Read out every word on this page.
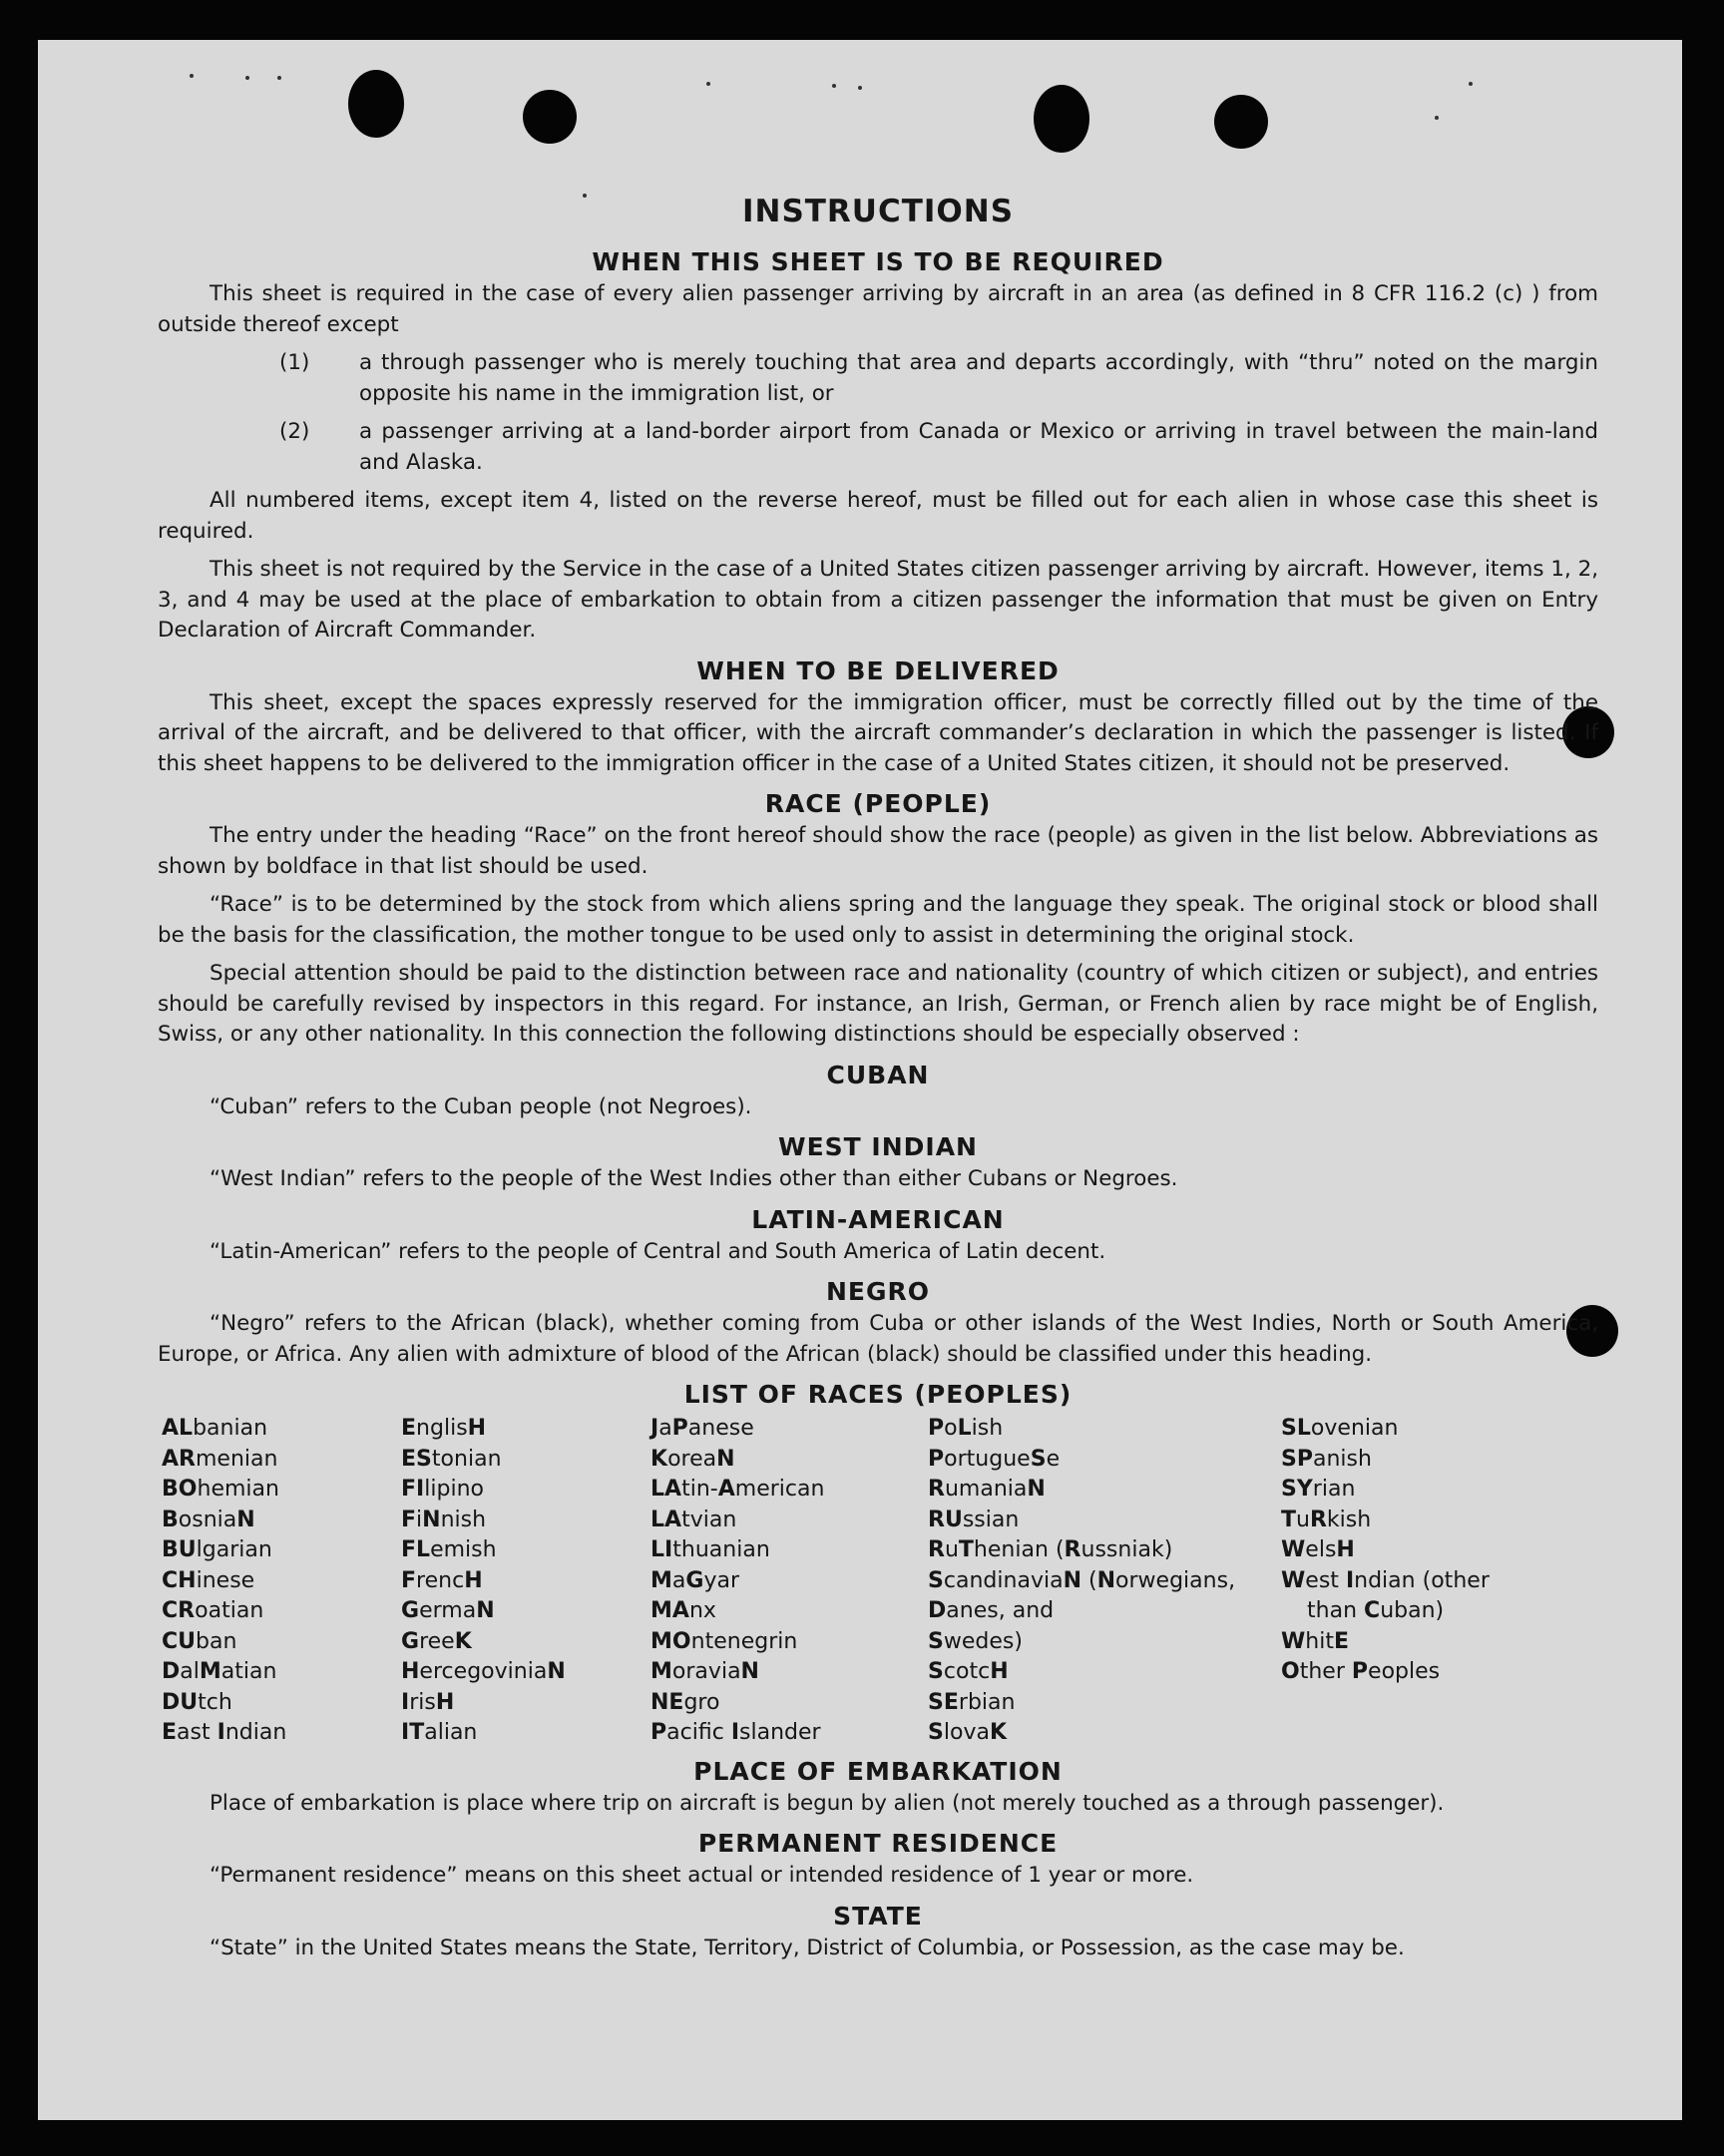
INSTRUCTIONS
WHEN THIS SHEET IS TO BE REQUIRED

This sheet is required in the case of every alien passenger arriving by aircraft in an area (as defined in 8 CFR 116.2 (c) ) from outside thereof except

(1)	a through passenger who is merely touching that area and departs accordingly, with “thru” noted on the margin opposite his name in the immigration list, or
(2)	a passenger arriving at a land-border airport from Canada or Mexico or arriving in travel between the main-land and Alaska.

All numbered items, except item 4, listed on the reverse hereof, must be filled out for each alien in whose case this sheet is required.

This sheet is not required by the Service in the case of a United States citizen passenger arriving by aircraft. However, items 1, 2, 3, and 4 may be used at the place of embarkation to obtain from a citizen passenger the information that must be given on Entry Declaration of Aircraft Commander.

WHEN TO BE DELIVERED

This sheet, except the spaces expressly reserved for the immigration officer, must be correctly filled out by the time of the arrival of the aircraft, and be delivered to that officer, with the aircraft commander’s declaration in which the passenger is listed. If this sheet happens to be delivered to the immigration officer in the case of a United States citizen, it should not be preserved.

RACE (PEOPLE)

The entry under the heading “Race” on the front hereof should show the race (people) as given in the list below. Abbreviations as shown by boldface in that list should be used.

“Race” is to be determined by the stock from which aliens spring and the language they speak. The original stock or blood shall be the basis for the classification, the mother tongue to be used only to assist in determining the original stock.

Special attention should be paid to the distinction between race and nationality (country of which citizen or subject), and entries should be carefully revised by inspectors in this regard. For instance, an Irish, German, or French alien by race might be of English, Swiss, or any other nationality. In this connection the following distinctions should be especially observed :

CUBAN

“Cuban” refers to the Cuban people (not Negroes).

WEST INDIAN

“West Indian” refers to the people of the West Indies other than either Cubans or Negroes.

LATIN-AMERICAN

“Latin-American” refers to the people of Central and South America of Latin decent.

NEGRO

“Negro” refers to the African (black), whether coming from Cuba or other islands of the West Indies, North or South America, Europe, or Africa. Any alien with admixture of blood of the African (black) should be classified under this heading.

LIST OF RACES (PEOPLES)
ALbanian
ARmenian
BOhemian
BosniaN
BUlgarian
CHinese
CRoatian
CUban
DalMatian
DUtch
East Indian
EnglisH
EStonian
FIlipino
FiNnish
FLemish
FrencH
GermaN
GreeK
HercegoviniaN
IrisH
ITalian
JaPanese
KoreaN
LAtin-American
LAtvian
LIthuanian
MaGyar
MAnx
MOntenegrin
MoraviaN
NEgro
Pacifc Islander
PoLish
PortugueSe
RumaniaN
RUssian
RuThenian (Russniak)
ScandinaviaN (Norwegians,
Danes, and
Swedes)
ScotcH
SErbian
SlovaK
SLovenian
SPanish
SYrian
TuRkish
WelsH
West Indian (other
than Cuban)
WhitE
Other Peoples
PLACE OF EMBARKATION

Place of embarkation is place where trip on aircraft is begun by alien (not merely touched as a through passenger).

PERMANENT RESIDENCE

“Permanent residence” means on this sheet actual or intended residence of 1 year or more.

STATE

“State” in the United States means the State, Territory, District of Columbia, or Possession, as the case may be.
